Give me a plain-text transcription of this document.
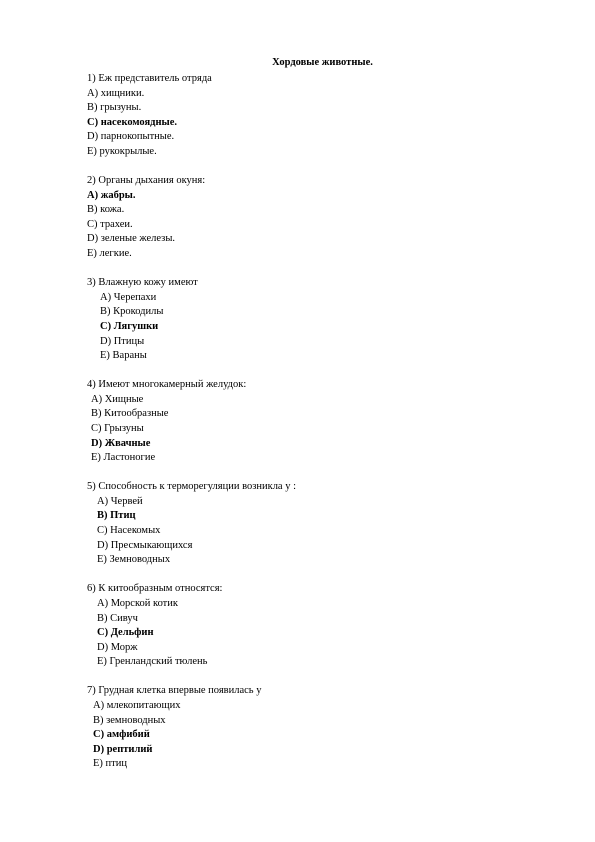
Хордовые животные.
1) Еж представитель отряда
А) хищники.
В) грызуны.
С) насекомоядные.
D) парнокопытные.
Е) рукокрылые.
2) Органы дыхания окуня:
А) жабры.
В) кожа.
С) трахеи.
D) зеленые железы.
Е) легкие.
3) Влажную кожу имеют
А) Черепахи
В) Крокодилы
С) Лягушки
D) Птицы
Е) Вараны
4) Имеют многокамерный желудок:
А) Хищные
В) Китообразные
С) Грызуны
D) Жвачные
Е) Ластоногие
5) Способность к терморегуляции возникла у :
А) Червей
В) Птиц
С) Насекомых
D) Пресмыкающихся
Е) Земноводных
6) К китообразным относятся:
А) Морской котик
В) Сивуч
С) Дельфин
D) Морж
Е) Гренландский тюлень
7) Грудная клетка впервые появилась у
А) млекопитающих
В) земноводных
С) амфибий
D) рептилий
Е) птиц
